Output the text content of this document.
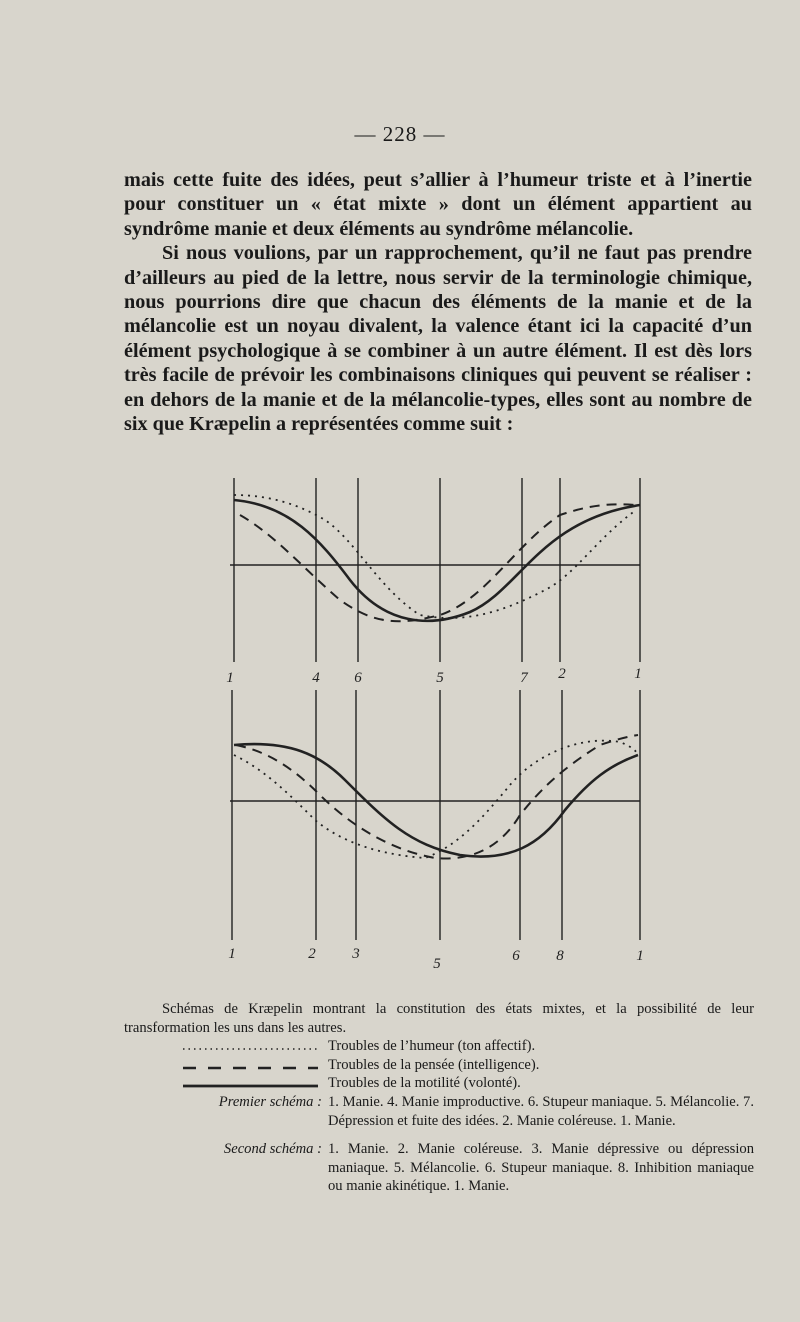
— 228 —

mais cette fuite des idées, peut s’allier à l’humeur triste et à l’inertie pour constituer un « état mixte » dont un élément appartient au syndrôme manie et deux éléments au syndrôme mélancolie.

Si nous voulions, par un rapprochement, qu’il ne faut pas prendre d’ailleurs au pied de la lettre, nous servir de la terminologie chimique, nous pourrions dire que chacun des éléments de la manie et de la mélancolie est un noyau divalent, la valence étant ici la capacité d’un élément psychologique à se combiner à un autre élément. Il est dès lors très facile de prévoir les combinaisons cliniques qui peuvent se réaliser : en dehors de la manie et de la mélancolie-types, elles sont au nombre de six que Kræpelin a représentées comme suit :

1	4 6	5	7 2	1
1	2 3
5	6 8	1

Schémas de Kræpelin montrant la constitution des états mixtes, et la possibilité de leur transformation les uns dans les autres.

Troubles de l’humeur (ton affectif).
Troubles de la pensée (intelligence).
Troubles de la motilité (volonté).
Premier schéma : 1. Manie. 4. Manie improductive. 6. Stupeur maniaque. 5. Mélancolie. 7. Dépression et fuite des idées. 2. Manie coléreuse. 1. Manie.
Second schéma : 1. Manie. 2. Manie coléreuse. 3. Manie dépressive ou dépression maniaque. 5. Mélancolie. 6. Stupeur maniaque. 8. Inhibition maniaque ou manie akinétique. 1. Manie.
